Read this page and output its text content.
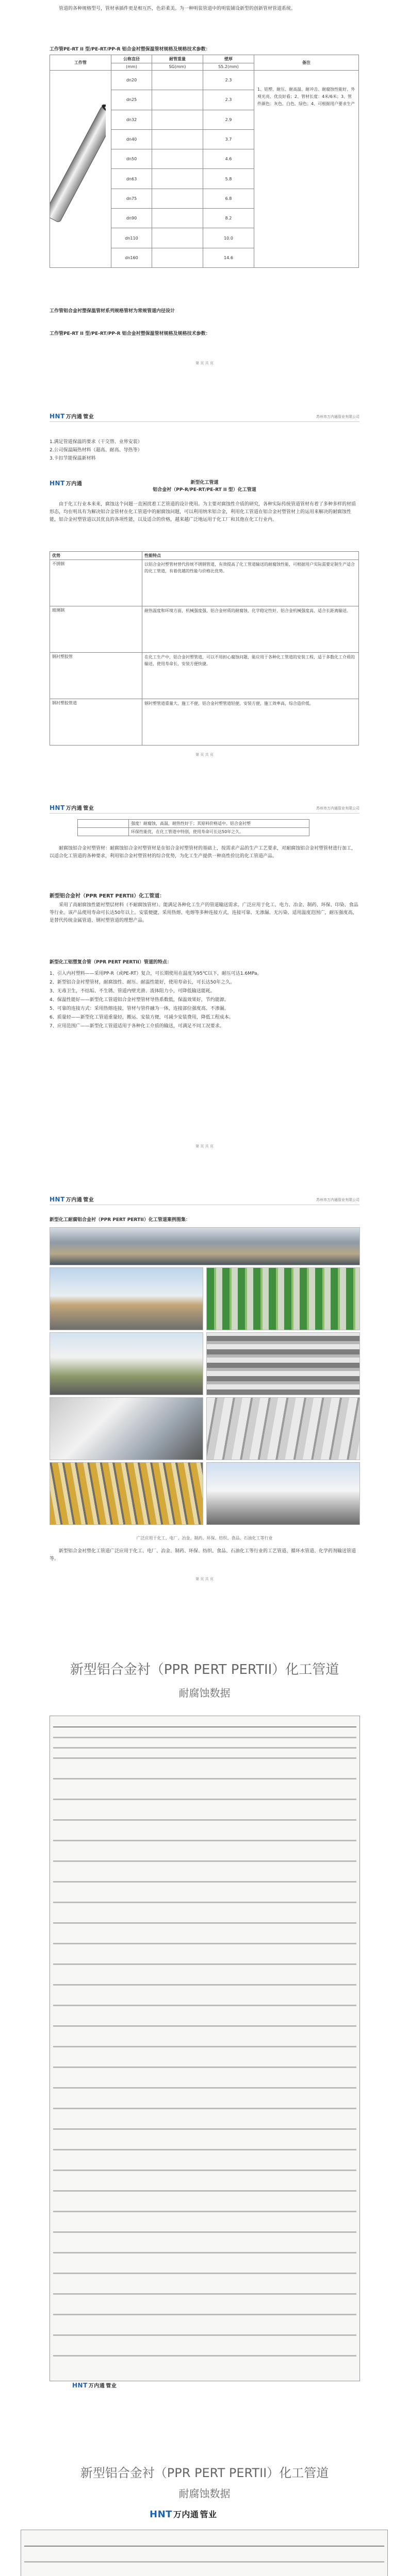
管道的各种规格型号，管材承插件更是相互匹，色彩柔美。为一种明装管道中的明装铺设新型的创新管材管道系统。

工作管PE-RT II 型/PE-RT/PP-R 铝合金衬塑保温管材规格及规格技术参数：
工作管	公称直径	耐管重量	壁厚	备注
	(mm)	SG(mm)	S5.2(mm)	
	dn20		2.3	1、铝塑、耐压、耐高温、耐冲击、耐腐蚀性能好、外观光亮、优良好看；2、管材长度：4米/6米；3、管件颜色：灰色、白色、绿色；4、可根据用户要求生产
	dn25		2.3	
	dn32		2.9	
	dn40		3.7	
	dn50		4.6	
	dn63		5.8	
	dn75		6.8	
	dn90		8.2	
	dn110		10.0	
	dn160		14.6	
工作管铝合金衬塑保温管材系列规格管材为常规管道内径设计
工作管PE-RT II 型/PE-RT/PP-R 铝合金衬塑保温管材规格及规格技术参数：
第 页 共 页
HNT 万内通 管业	苏州市万内通管业有限公司
1.满足管道保温的要求（干交替、业界安装）
2.公司保温隔热材料（超高、耐高、导热等）
3.卡扣节能保温新材料
HNT 万内通	新型化工管道
铝合金衬（PP-R/PE-RT/PE-RT II 型）化工管道

由于化工行业本来来，腐蚀这个问题一直困扰着工艺管道的设计使用。为主要对腐蚀性介质的研究，各种实际传统管道管材有着了多种多样的材质形态，均在明具有为解决铝合金管材在化工管道中的耐腐蚀问题，可以利用纳米铝合金，利用化工管道在铝合金衬塑管材上的运用来解决的耐腐蚀性能，铝合金衬塑管道以其优良的各项性能，以及适合的价格，越来越广泛地运用于化工厂和其他在化工行业内。

优势	性能特点
不锈钢	以铝合金衬塑管材替代传统不锈钢管道，有效提高了化工管道输送的耐腐蚀性能，可根据用户实际需要定制生产适合的化工管道，有着优越的性能与价格比优势。
玻璃钢	耐热温度和环境方面，机械强度强、铝合金材质的耐腐蚀、化学稳定性好、铝合金机械强度高、适合长距离输送。
钢衬塑胶管	在化工生产中，铝合金衬塑管道，可以不用担心腐蚀问题，能应用于各种化工管道的安装工程，适于多数化工介质的输送，使用寿命长，安装方便快捷。
钢衬塑胶管道	钢衬塑管道重量大、施工不便，铝合金衬塑管道轻便，安装方便，施工效率高，综合造价低。
第 页 共 页
HNT 万内通 管业	苏州市万内通管业有限公司
	强度！耐腐蚀，高温，耐热性好于；其原料价格适中。铝合金衬塑
	环保性能优，在化工管道中特别，使用寿命可长达50年之久。

耐腐蚀铝合金衬塑管材：耐腐蚀铝合金衬塑管材是在铝合金衬塑管材的基础上，按需求产品的生产工艺要求，对耐腐蚀铝合金衬塑管材进行加工，以适合化工管道的各种要求，利用铝合金衬塑管材的综合优势，为化工生产提供一种高性价比的化工管道产品。

新型铝合金衬（PPR PERT PERTII）化工管道：

采用了高耐腐蚀性能衬塑层材料（不耐腐蚀管材）。能满足各种化工生产的管道输送需求。广泛应用于化工、电力、冶金、制药、环保、印染、食品等行业。该产品使用寿命可长达50年以上。安装便捷，采用热熔、电熔等多种连接方式，连接可靠、无渗漏、无污染、适用温度范围广，耐压强度高，是替代传统金属管道、钢衬塑管道的理想产品。

新型化工铝塑复合管（PPR PERT PERTII）管道的特点：
1、引入内衬塑料——采用PP-R（或PE-RT）复合，可长期使用在温度为95℃以下，耐压可达1.6MPa。
2、新型铝合金衬塑管材，耐腐蚀性、耐压、耐温性能好，使用寿命长，可长达50年之久。
3、无毒卫生，不结垢、不生锈、管道内壁光滑、流体阻力小，可降低输送能耗。
4、保温性能好——新型化工管道铝合金衬塑管材导热系数低，保温效果好，节约能源。
5、可靠的连接方式：采用热熔连接，管材与管件融为一体，连接部位强度高、不渗漏。
6、质量轻——新型化工管道重量轻，搬运、安装方便，可减少安装费用，降低工程成本。
7、应用范围广——新型化工管道适用于各种化工介质的输送，可满足不同工况要求。
第 页 共 页
HNT 万内通 管业	苏州市万内通管业有限公司
新型化工耐腐铝合金衬（PPR PERT PERTII）化工管道案例图集：
广泛应用于化工、电厂、冶金、制药、环保、纺织、食品、石油化工等行业

新型铝合金衬塑化工管道广泛应用于化工、电厂、冶金、制药、环保、纺织、食品、石油化工等行业的工艺管道、循环水管道、化学药剂输送管道等。

第 页 共 页
新型铝合金衬（PPR PERT PERTII）化工管道
耐腐蚀数据
HNT 万内通 管业
新型铝合金衬（PPR PERT PERTII）化工管道
耐腐蚀数据
HNT 万内通 管业
